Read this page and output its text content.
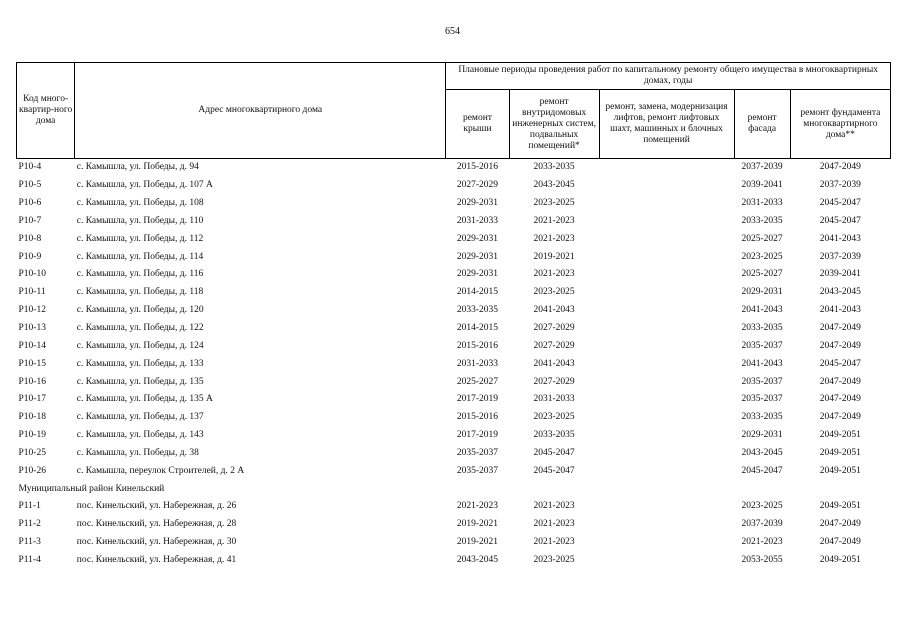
654
Код много-квартир-ного дома	Адрес многоквартирного дома	Плановые периоды проведения работ по капитальному ремонту общего имущества в многоквартирных домах, годы				
		ремонт крыши	ремонт внутридомовых инженерных систем, подвальных помещений*	ремонт, замена, модернизация лифтов, ремонт лифтовых шахт, машинных и блочных помещений	ремонт фасада	ремонт фундамента многоквартирного дома**
Р10-4	с. Камышла, ул. Победы, д. 94	2015-2016	2033-2035		2037-2039	2047-2049
Р10-5	с. Камышла, ул. Победы, д. 107 А	2027-2029	2043-2045		2039-2041	2037-2039
Р10-6	с. Камышла, ул. Победы, д. 108	2029-2031	2023-2025		2031-2033	2045-2047
Р10-7	с. Камышла, ул. Победы, д. 110	2031-2033	2021-2023		2033-2035	2045-2047
Р10-8	с. Камышла, ул. Победы, д. 112	2029-2031	2021-2023		2025-2027	2041-2043
Р10-9	с. Камышла, ул. Победы, д. 114	2029-2031	2019-2021		2023-2025	2037-2039
Р10-10	с. Камышла, ул. Победы, д. 116	2029-2031	2021-2023		2025-2027	2039-2041
Р10-11	с. Камышла, ул. Победы, д. 118	2014-2015	2023-2025		2029-2031	2043-2045
Р10-12	с. Камышла, ул. Победы, д. 120	2033-2035	2041-2043		2041-2043	2041-2043
Р10-13	с. Камышла, ул. Победы, д. 122	2014-2015	2027-2029		2033-2035	2047-2049
Р10-14	с. Камышла, ул. Победы, д. 124	2015-2016	2027-2029		2035-2037	2047-2049
Р10-15	с. Камышла, ул. Победы, д. 133	2031-2033	2041-2043		2041-2043	2045-2047
Р10-16	с. Камышла, ул. Победы, д. 135	2025-2027	2027-2029		2035-2037	2047-2049
Р10-17	с. Камышла, ул. Победы, д. 135 А	2017-2019	2031-2033		2035-2037	2047-2049
Р10-18	с. Камышла, ул. Победы, д. 137	2015-2016	2023-2025		2033-2035	2047-2049
Р10-19	с. Камышла, ул. Победы, д. 143	2017-2019	2033-2035		2029-2031	2049-2051
Р10-25	с. Камышла, ул. Победы, д. 38	2035-2037	2045-2047		2043-2045	2049-2051
Р10-26	с. Камышла, переулок Строителей, д. 2 А	2035-2037	2045-2047		2045-2047	2049-2051
Муниципальный район Кинельский						
Р11-1	пос. Кинельский, ул. Набережная, д. 26	2021-2023	2021-2023		2023-2025	2049-2051
Р11-2	пос. Кинельский, ул. Набережная, д. 28	2019-2021	2021-2023		2037-2039	2047-2049
Р11-3	пос. Кинельский, ул. Набережная, д. 30	2019-2021	2021-2023		2021-2023	2047-2049
Р11-4	пос. Кинельский, ул. Набережная, д. 41	2043-2045	2023-2025		2053-2055	2049-2051
